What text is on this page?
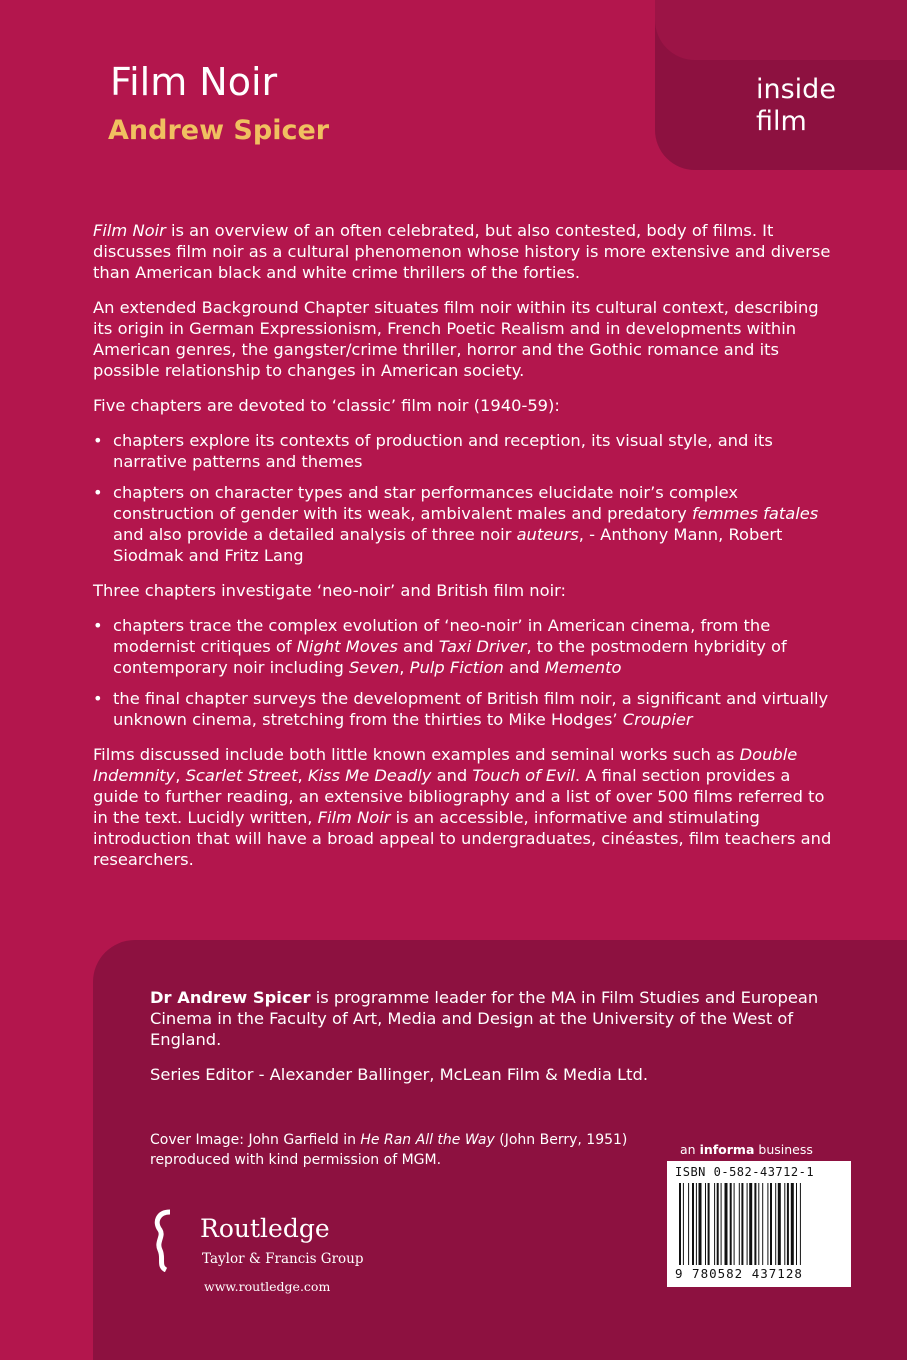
inside
film
Film Noir
Andrew Spicer

Film Noir is an overview of an often celebrated, but also contested, body of films. It discusses film noir as a cultural phenomenon whose history is more extensive and diverse than American black and white crime thrillers of the forties.

An extended Background Chapter situates film noir within its cultural context, describing its origin in German Expressionism, French Poetic Realism and in developments within American genres, the gangster/crime thriller, horror and the Gothic romance and its possible relationship to changes in American society.

Five chapters are devoted to ‘classic’ film noir (1940-59):

• chapters explore its contexts of production and reception, its visual style, and its narrative patterns and themes
• chapters on character types and star performances elucidate noir’s complex construction of gender with its weak, ambivalent males and predatory femmes fatales and also provide a detailed analysis of three noir auteurs, - Anthony Mann, Robert Siodmak and Fritz Lang

Three chapters investigate ‘neo-noir’ and British film noir:

• chapters trace the complex evolution of ‘neo-noir’ in American cinema, from the modernist critiques of Night Moves and Taxi Driver, to the postmodern hybridity of contemporary noir including Seven, Pulp Fiction and Memento
• the final chapter surveys the development of British film noir, a significant and virtually unknown cinema, stretching from the thirties to Mike Hodges’ Croupier

Films discussed include both little known examples and seminal works such as Double Indemnity, Scarlet Street, Kiss Me Deadly and Touch of Evil. A final section provides a guide to further reading, an extensive bibliography and a list of over 500 films referred to in the text. Lucidly written, Film Noir is an accessible, informative and stimulating introduction that will have a broad appeal to undergraduates, cinéastes, film teachers and researchers.

Dr Andrew Spicer is programme leader for the MA in Film Studies and European Cinema in the Faculty of Art, Media and Design at the University of the West of England.

Series Editor - Alexander Ballinger, McLean Film & Media Ltd.

Cover Image: John Garfield in He Ran All the Way (John Berry, 1951) reproduced with kind permission of MGM.
an informa business
ISBN 0-582-43712-1
9 780582 437128
Routledge
Taylor & Francis Group
www.routledge.com
